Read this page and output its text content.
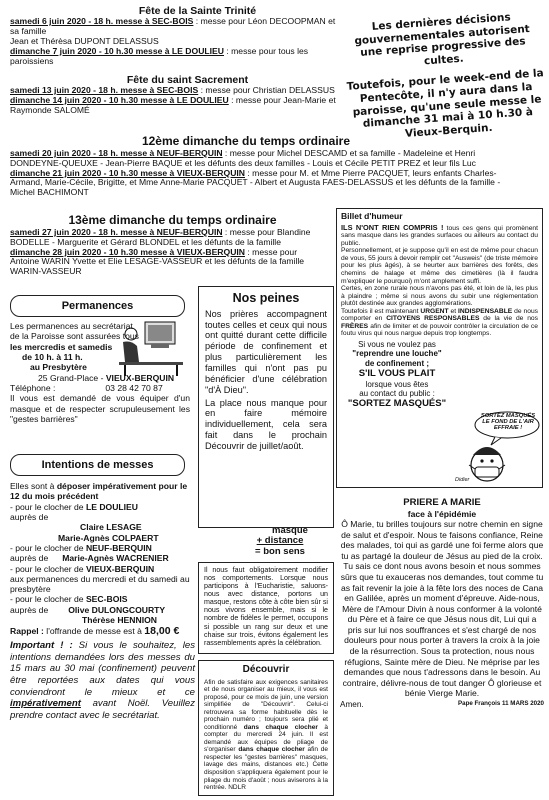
Fête de la Sainte Trinité
samedi 6 juin 2020 - 18 h. messe à SEC-BOIS : messe pour Léon DECOOPMAN et sa famille
Jean et Thérèsa DUPONT DELASSUS
dimanche 7 juin 2020 - 10 h.30 messe à LE DOULIEU : messe pour tous les paroissiens
Fête du saint Sacrement
samedi 13 juin 2020 - 18 h. messe à SEC-BOIS : messe pour Christian DELASSUS
dimanche 14 juin 2020 - 10 h.30 messe à LE DOULIEU : messe pour Jean-Marie et
Raymonde SALOMÉ
Les dernières décisions gouvernementales autorisent une reprise progressive des cultes.
Toutefois, pour le week-end de la Pentecôte, il n'y aura dans la paroisse, qu'une seule messe le dimanche 31 mai à 10 h.30 à Vieux-Berquin.
12ème dimanche du temps ordinaire
samedi 20 juin 2020 - 18 h. messe à NEUF-BERQUIN : messe pour Michel DESCAMD et sa famille - Madeleine et Henri
DONDEYNE-QUEUXE - Jean-Pierre BAQUE et les défunts des deux familles - Louis et Cécile PETIT PREZ et leur fils Luc
dimanche 21 juin 2020 - 10 h.30 messe à VIEUX-BERQUIN : messe pour M. et Mme Pierre PACQUET, leurs enfants Charles-
Armand, Marie-Cécile, Brigitte, et Mme Anne-Marie PACQUET - Albert et Augusta FAES-DELASSUS et les défunts de la famille -
Michel BACHIMONT
13ème dimanche du temps ordinaire
samedi 27 juin 2020 - 18 h. messe à NEUF-BERQUIN : messe pour Blandine
BODELLE - Marguerite et Gérard BLONDEL et les défunts de la famille
dimanche 28 juin 2020 - 10 h.30 messe à VIEUX-BERQUIN : messe pour
Antoine WARIN Yvette et Elie LESAGE-VASSEUR et les défunts de la famille
WARIN-VASSEUR
Billet d'humeur
ILS N'ONT RIEN COMPRIS ! tous ces gens qui promènent sans masque dans les grandes surfaces ou ailleurs au contact du public.
Personnellement, et je suppose qu'il en est de même pour chacun de vous, 55 jours à devoir remplir cet "Ausweis" (de triste mémoire pour les plus âgés), à se heurter aux barrières des forêts, des chemins de halage et même des cimetières (là il faudra m'expliquer le pourquoi) m'ont amplement suffi.
Certes, en zone rurale nous n'avons pas été, et loin de là, les plus à plaindre ; même si nous avons du subir une réglementation plutôt destinée aux grandes agglomérations.
Toutefois il est maintenant URGENT et INDISPENSABLE de nous comporter en CITOYENS RESPONSABLES de la vie de nos FRÈRES afin de limiter et de pouvoir contrôler la circulation de ce foutu virus qui nous nargue depuis trop longtemps.
Si vous ne voulez pas
"reprendre une louche"
de confinement ;
S'IL VOUS PLAIT
lorsque vous êtes
au contact du public :
"SORTEZ MASQUÉS"
SORTEZ MASQUÉS LE FOND DE L'AIR EFFRAIE !
Didier
Permanences
Les permanences au secrétariat
de la Paroisse sont assurées tous
les mercredis et samedis
de 10 h. à 11 h.
au Presbytère
25 Grand-Place - VIEUX-BERQUIN
Téléphone :	03 28 42 70 87
Il vous est demandé de vous équiper d'un masque et de respecter scrupuleusement les "gestes barrières"
Nos peines
Nos prières accompagnent toutes celles et ceux qui nous ont quitté durant cette difficile période de confinement et plus particulièrement les familles qui n'ont pas pu bénéficier d'une célébration "d'À Dieu".
La place nous manque pour en faire mémoire individuellement, cela sera fait dans le prochain Découvrir de juillet/août.
Intentions de messes
Elles sont à déposer impérativement pour le 12 du mois précédent
- pour le clocher de LE DOULIEU
auprès de
Claire LESAGE
Marie-Agnès COLPAERT
- pour le clocher de NEUF-BERQUIN
auprès de Marie-Agnès WACRENIER
- pour le clocher de VIEUX-BERQUIN
aux permanences du mercredi et du samedi au presbytère
- pour le clocher de SEC-BOIS
auprès de Olive DULONGCOURTY
Thérèse HENNION
Rappel : l'offrande de messe est à 18,00 €
Important ! : Si vous le souhaitez, les intentions demandées lors des messes du 15 mars au 30 mai (confinement) peuvent être reportées aux dates qui vous conviendront le mieux et ce impérativement avant Noël. Veuillez prendre contact avec le secrétariat.
masque
+ distance
= bon sens
Il nous faut obligatoirement modifier nos comportements. Lorsque nous participons à l'Eucharistie, saluons-nous avec distance, portons un masque, restons côte à côte bien sûr si nous vivons ensemble, mais si le nombre de fidèles le permet, occupons si possible un rang sur deux et une chaise sur trois, évitons également les rassemblements après la célébration.
Découvrir
Afin de satisfaire aux exigences sanitaires et de nous organiser au mieux, il vous est proposé, pour ce mois de juin, une version simplifiée de "Découvrir". Celui-ci retrouvera sa forme habituelle dès le prochain numéro ; toujours sera plié et conditionné dans chaque clocher à compter du mercredi 24 juin. Il est demandé aux équipes de pliage de s'organiser dans chaque clocher afin de respecter les "gestes barrières" masques, lavage des mains, distances etc.) Cette disposition s'appliquera également pour le pliage du mois d'août ; nous aviserons à la rentrée. NDLR
PRIERE A MARIE
face à l'épidémie
Ô Marie, tu brilles toujours sur notre chemin en signe de salut et d'espoir. Nous te faisons confiance, Reine des malades, toi qui as gardé une foi ferme alors que tu as partagé la douleur de Jésus au pied de la croix. Tu sais ce dont nous avons besoin et nous sommes sûrs que tu exauceras nos demandes, tout comme tu as fait revenir la joie à la fête lors des noces de Cana en Galilée, après un moment d'épreuve. Aide-nous, Mère de l'Amour Divin à nous conformer à la volonté du Père et à faire ce que Jésus nous dit, Lui qui a pris sur lui nos souffrances et s'est chargé de nos douleurs pour nous porter à travers la croix à la joie de la résurrection. Sous ta protection, nous nous réfugions, Sainte mère de Dieu. Ne méprise par les demandes que nous t'adressons dans le besoin. Au contraire, délivre-nous de tout danger Ô glorieuse et bénie Vierge Marie.
Amen.	Pape François 11 MARS 2020
